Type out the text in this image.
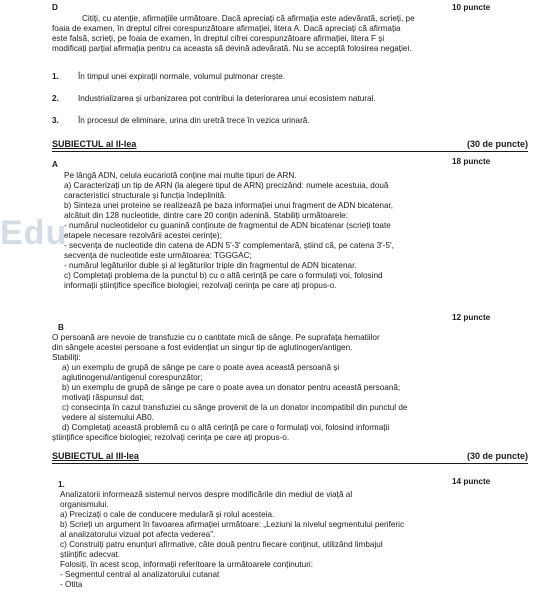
D	10 puncte
Citiți, cu atenție, afirmațiile următoare. Dacă apreciați că afirmația este adevărată, scrieți, pe
foaia de examen, în dreptul cifrei corespunzătoare afirmației, litera A. Dacă apreciați că afirmația
este falsă, scrieți, pe foaia de examen, în dreptul cifrei corespunzătoare afirmației, litera F și
modificați parțial afirmația pentru ca aceasta să devină adevărată. Nu se acceptă folosirea negației.
1. În timpul unei expirații normale, volumul pulmonar crește.
2. Industrializarea și urbanizarea pot contribui la deteriorarea unui ecosistem natural.
3. În procesul de eliminare, urina din uretră trece în vezica urinară.
SUBIECTUL al II-lea	(30 de puncte)
A	18 puncte
Edu
Pe lângă ADN, celula eucariotă conține mai multe tipuri de ARN.
a) Caracterizați un tip de ARN (la alegere tipul de ARN) precizând: numele acestuia, două
caracteristici structurale și funcția îndeplinită.
b) Sinteza unei proteine se realizează pe baza informației unui fragment de ADN bicatenar,
alcătuit din 128 nucleotide, dintre care 20 conțin adenină. Stabiliți următoarele:
- numărul nucleotidelor cu guanină conținute de fragmentul de ADN bicatenar (scrieți toate
etapele necesare rezolvării acestei cerințe);
- secvența de nucleotide din catena de ADN 5'-3' complementară, știind că, pe catena 3'-5',
secvența de nucleotide este următoarea: TGGGAC;
- numărul legăturilor duble și al legăturilor triple din fragmentul de ADN bicatenar.
c) Completați problema de la punctul b) cu o altă cerință pe care o formulați voi, folosind
informații științifice specifice biologiei; rezolvați cerința pe care ați propus-o.
12 puncte
B
O persoană are nevoie de transfuzie cu o cantitate mică de sânge. Pe suprafața hematiilor
din sângele acestei persoane a fost evidențiat un singur tip de aglutinogen/antigen.
Stabiliți:
a) un exemplu de grupă de sânge pe care o poate avea această persoană și
aglutinogenul/antigenul corespunzător;
b) un exemplu de grupă de sânge pe care o poate avea un donator pentru această persoană;
motivați răspunsul dat;
c) consecința în cazul transfuziei cu sânge provenit de la un donator incompatibil din punctul de
vedere al sistemului AB0.
d) Completați această problemă cu o altă cerință pe care o formulați voi, folosind informații
științifice specifice biologiei; rezolvați cerința pe care ați propus-o.
SUBIECTUL al III-lea	(30 de puncte)
1.	14 puncte
Analizatorii informează sistemul nervos despre modificările din mediul de viață al
organismului.
a) Precizați o cale de conducere medulară și rolul acesteia.
b) Scrieți un argument în favoarea afirmației următoare: „Leziuni la nivelul segmentului periferic
al analizatorului vizual pot afecta vederea”.
c) Construiți patru enunțuri afirmative, câte două pentru fiecare conținut, utilizând limbajul
științific adecvat.
Folosiți, în acest scop, informații referitoare la următoarele conținuturi:
- Segmentul central al analizatorului cutanat
- Otita
